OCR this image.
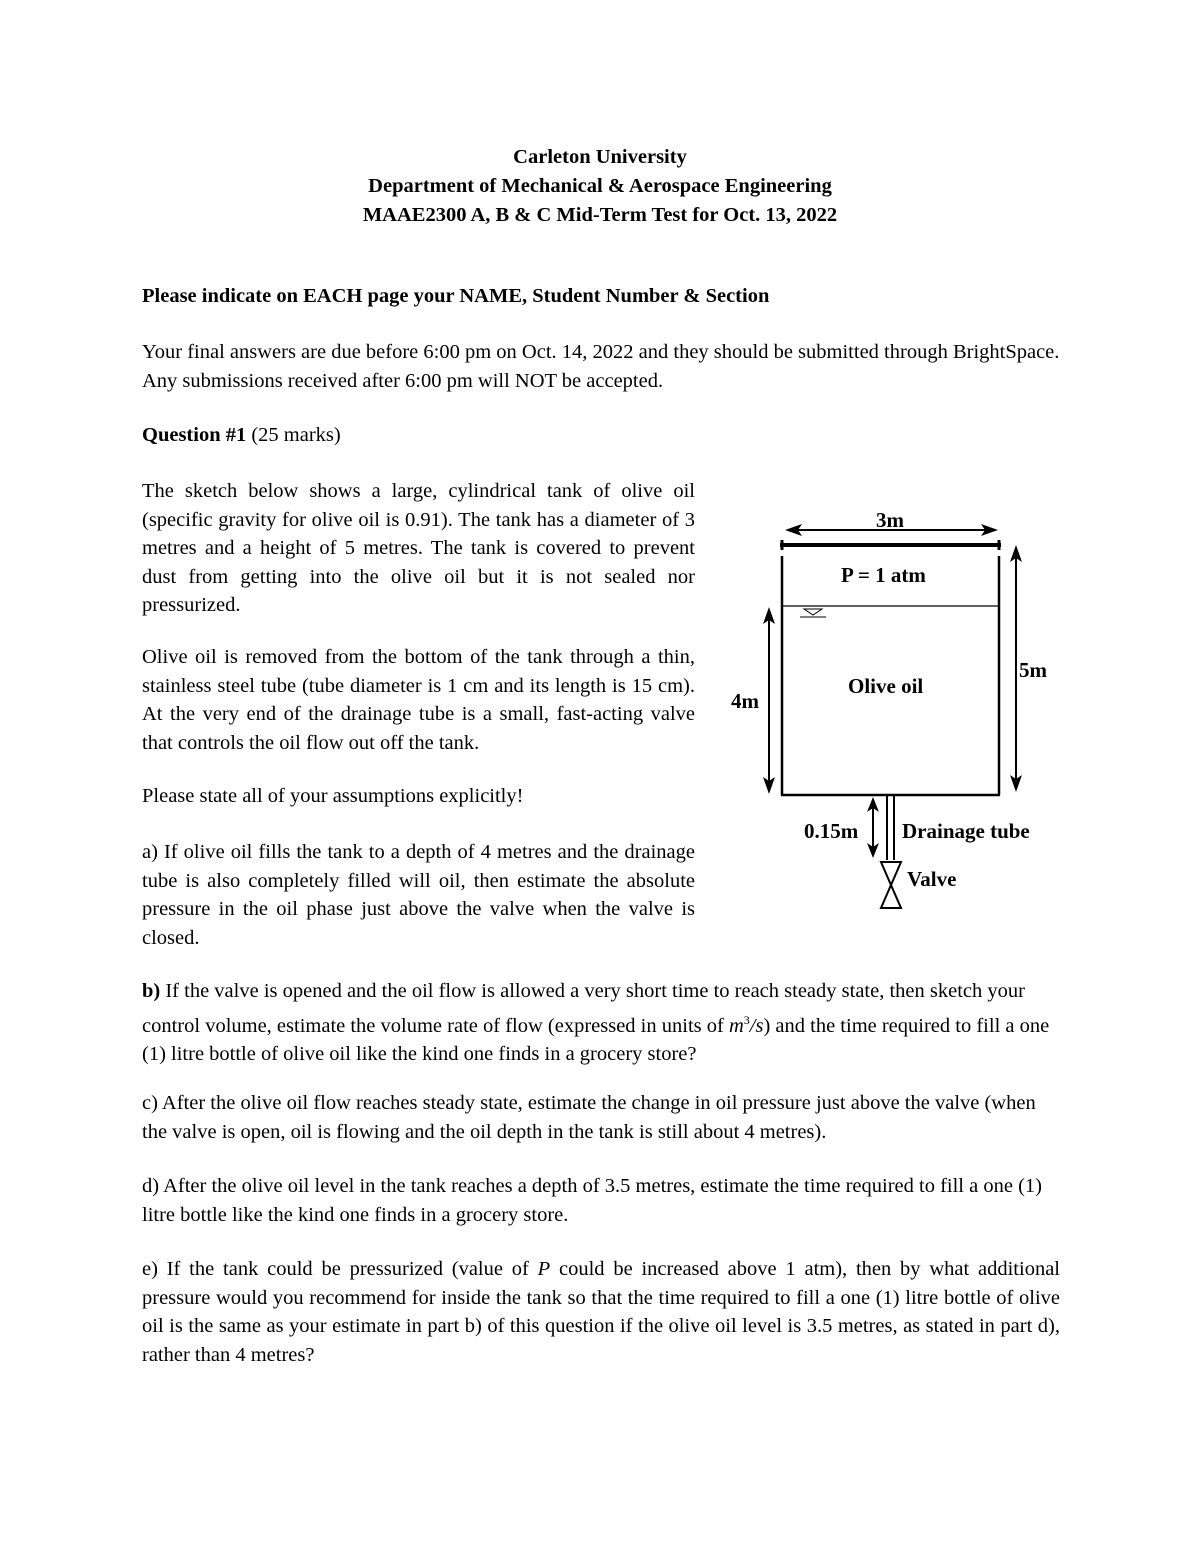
Carleton University
Department of Mechanical & Aerospace Engineering
MAAE2300 A, B & C Mid-Term Test for Oct. 13, 2022
Please indicate on EACH page your NAME, Student Number & Section
Your final answers are due before 6:00 pm on Oct. 14, 2022 and they should be submitted through BrightSpace. Any submissions received after 6:00 pm will NOT be accepted.
Question #1 (25 marks)
The sketch below shows a large, cylindrical tank of olive oil (specific gravity for olive oil is 0.91). The tank has a diameter of 3 metres and a height of 5 metres. The tank is covered to prevent dust from getting into the olive oil but it is not sealed nor pressurized.
Olive oil is removed from the bottom of the tank through a thin, stainless steel tube (tube diameter is 1 cm and its length is 15 cm). At the very end of the drainage tube is a small, fast-acting valve that controls the oil flow out off the tank.
Please state all of your assumptions explicitly!
a) If olive oil fills the tank to a depth of 4 metres and the drainage tube is also completely filled will oil, then estimate the absolute pressure in the oil phase just above the valve when the valve is closed.
b) If the valve is opened and the oil flow is allowed a very short time to reach steady state, then sketch your control volume, estimate the volume rate of flow (expressed in units of $m^3/s$) and the time required to fill a one (1) litre bottle of olive oil like the kind one finds in a grocery store?
c) After the olive oil flow reaches steady state, estimate the change in oil pressure just above the valve (when the valve is open, oil is flowing and the oil depth in the tank is still about 4 metres).
d) After the olive oil level in the tank reaches a depth of 3.5 metres, estimate the time required to fill a one (1) litre bottle like the kind one finds in a grocery store.
e) If the tank could be pressurized (value of P could be increased above 1 atm), then by what additional pressure would you recommend for inside the tank so that the time required to fill a one (1) litre bottle of olive oil is the same as your estimate in part b) of this question if the olive oil level is 3.5 metres, as stated in part d), rather than 4 metres?
3m
P = 1 atm
5m
4m
Olive oil
0.15m Drainage tube
Valve
